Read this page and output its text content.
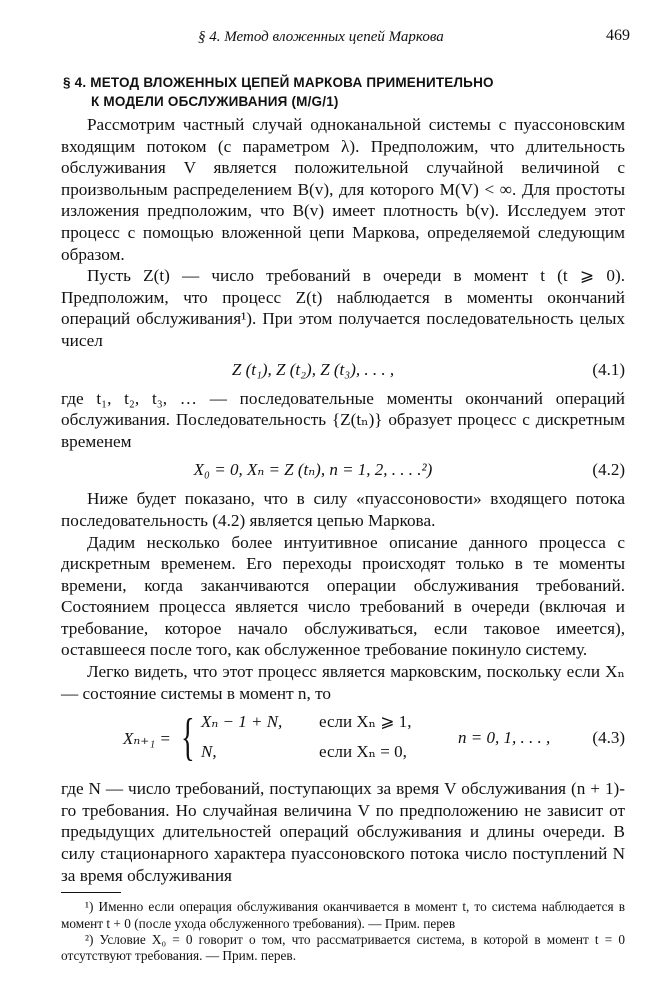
§ 4. Метод вложенных цепей Маркова	469
§ 4. МЕТОД ВЛОЖЕННЫХ ЦЕПЕЙ МАРКОВА ПРИМЕНИТЕЛЬНО
К МОДЕЛИ ОБСЛУЖИВАНИЯ (M/G/1)

Рассмотрим частный случай одноканальной системы с пуассоновским входящим потоком (с параметром λ). Предположим, что длительность обслуживания V является положительной случайной величиной с произвольным распределением B(v), для которого M(V) < ∞. Для простоты изложения предположим, что B(v) имеет плотность b(v). Исследуем этот процесс с помощью вложенной цепи Маркова, определяемой следующим образом.

Пусть Z(t) — число требований в очереди в момент t (t ⩾ 0). Предположим, что процесс Z(t) наблюдается в моменты окончаний операций обслуживания¹). При этом получается последовательность целых чисел

Z (t₁), Z (t₂), Z (t₃), . . . ,	(4.1)

где t₁, t₂, t₃, … — последовательные моменты окончаний операций обслуживания. Последовательность {Z(tₙ)} образует процесс с дискретным временем

X₀ = 0, Xₙ = Z (tₙ), n = 1, 2, . . . .²)	(4.2)

Ниже будет показано, что в силу «пуассоновости» входящего потока последовательность (4.2) является цепью Маркова.

Дадим несколько более интуитивное описание данного процесса с дискретным временем. Его переходы происходят только в те моменты времени, когда заканчиваются операции обслуживания требований. Состоянием процесса является число требований в очереди (включая и требование, которое начало обслуживаться, если таковое имеется), оставшееся после того, как обслуженное требование покинуло систему.

Легко видеть, что этот процесс является марковским, поскольку если Xₙ — состояние системы в момент n, то

Xₙ₊₁ = { Xₙ − 1 + N, если Xₙ ⩾ 1,
N,	если Xₙ = 0,
n = 0, 1, . . . , (4.3)

где N — число требований, поступающих за время V обслуживания (n + 1)-го требования. Но случайная величина V по предположению не зависит от предыдущих длительностей операций обслуживания и длины очереди. В силу стационарного характера пуассоновского потока число поступлений N за время обслуживания

¹) Именно если операция обслуживания оканчивается в момент t, то система наблюдается в момент t + 0 (после ухода обслуженного требования). — Прим. перев

²) Условие X₀ = 0 говорит о том, что рассматривается система, в которой в момент t = 0 отсутствуют требования. — Прим. перев.
